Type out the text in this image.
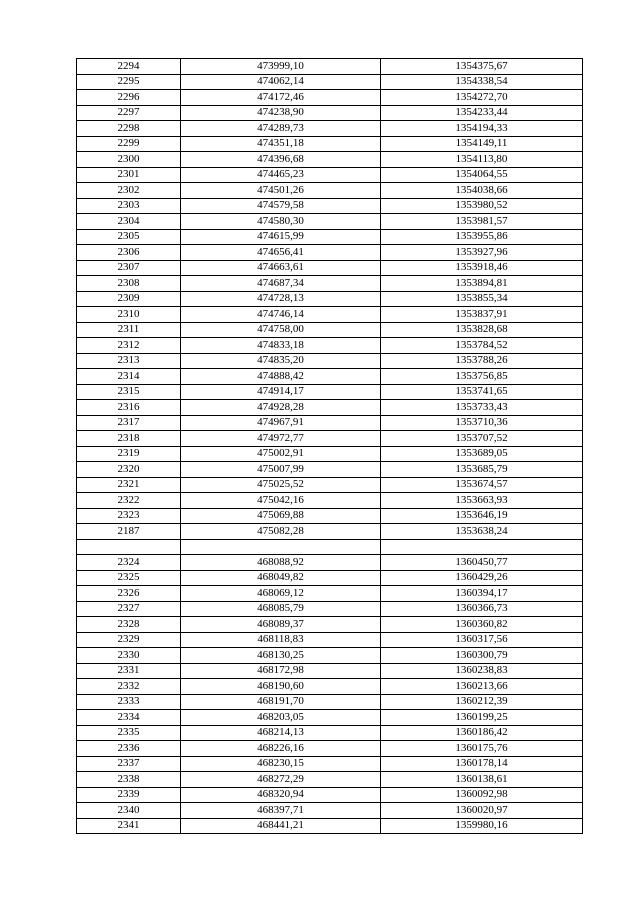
2294	473999,10	1354375,67
2295	474062,14	1354338,54
2296	474172,46	1354272,70
2297	474238,90	1354233,44
2298	474289,73	1354194,33
2299	474351,18	1354149,11
2300	474396,68	1354113,80
2301	474465,23	1354064,55
2302	474501,26	1354038,66
2303	474579,58	1353980,52
2304	474580,30	1353981,57
2305	474615,99	1353955,86
2306	474656,41	1353927,96
2307	474663,61	1353918,46
2308	474687,34	1353894,81
2309	474728,13	1353855,34
2310	474746,14	1353837,91
2311	474758,00	1353828,68
2312	474833,18	1353784,52
2313	474835,20	1353788,26
2314	474888,42	1353756,85
2315	474914,17	1353741,65
2316	474928,28	1353733,43
2317	474967,91	1353710,36
2318	474972,77	1353707,52
2319	475002,91	1353689,05
2320	475007,99	1353685,79
2321	475025,52	1353674,57
2322	475042,16	1353663,93
2323	475069,88	1353646,19
2187	475082,28	1353638,24

2324	468088,92	1360450,77
2325	468049,82	1360429,26
2326	468069,12	1360394,17
2327	468085,79	1360366,73
2328	468089,37	1360360,82
2329	468118,83	1360317,56
2330	468130,25	1360300,79
2331	468172,98	1360238,83
2332	468190,60	1360213,66
2333	468191,70	1360212,39
2334	468203,05	1360199,25
2335	468214,13	1360186,42
2336	468226,16	1360175,76
2337	468230,15	1360178,14
2338	468272,29	1360138,61
2339	468320,94	1360092,98
2340	468397,71	1360020,97
2341	468441,21	1359980,16
